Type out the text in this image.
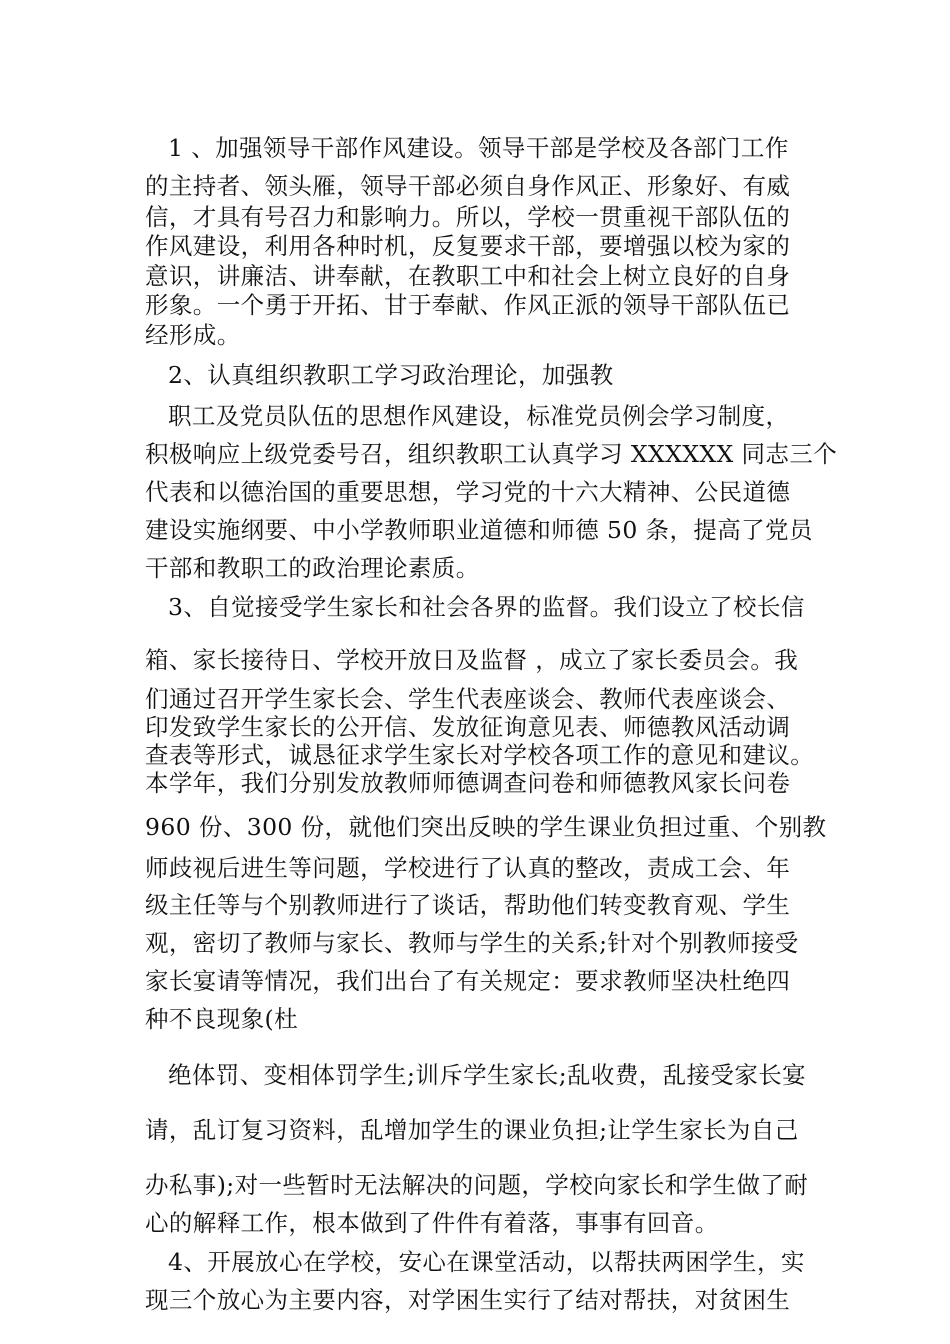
1 、加强领导干部作风建设。领导干部是学校及各部门工作
的主持者、领头雁，领导干部必须自身作风正、形象好、有威
信，才具有号召力和影响力。所以，学校一贯重视干部队伍的
作风建设，利用各种时机，反复要求干部，要增强以校为家的
意识，讲廉洁、讲奉献，在教职工中和社会上树立良好的自身
形象。一个勇于开拓、甘于奉献、作风正派的领导干部队伍已
经形成。
2、认真组织教职工学习政治理论，加强教
职工及党员队伍的思想作风建设，标准党员例会学习制度，
积极响应上级党委号召，组织教职工认真学习 XXXXXX 同志三个
代表和以德治国的重要思想，学习党的十六大精神、公民道德
建设实施纲要、中小学教师职业道德和师德 50 条，提高了党员
干部和教职工的政治理论素质。
3、自觉接受学生家长和社会各界的监督。我们设立了校长信
箱、家长接待日、学校开放日及监督 ，成立了家长委员会。我
们通过召开学生家长会、学生代表座谈会、教师代表座谈会、
印发致学生家长的公开信、发放征询意见表、师德教风活动调
查表等形式，诚恳征求学生家长对学校各项工作的意见和建议。
本学年，我们分别发放教师师德调查问卷和师德教风家长问卷
960 份、300 份，就他们突出反映的学生课业负担过重、个别教
师歧视后进生等问题，学校进行了认真的整改，责成工会、年
级主任等与个别教师进行了谈话，帮助他们转变教育观、学生
观，密切了教师与家长、教师与学生的关系;针对个别教师接受
家长宴请等情况，我们出台了有关规定：要求教师坚决杜绝四
种不良现象(杜
绝体罚、变相体罚学生;训斥学生家长;乱收费，乱接受家长宴
请，乱订复习资料，乱增加学生的课业负担;让学生家长为自己
办私事);对一些暂时无法解决的问题，学校向家长和学生做了耐
心的解释工作，根本做到了件件有着落，事事有回音。
4、开展放心在学校，安心在课堂活动，以帮扶两困学生，实
现三个放心为主要内容，对学困生实行了结对帮扶，对贫困生
